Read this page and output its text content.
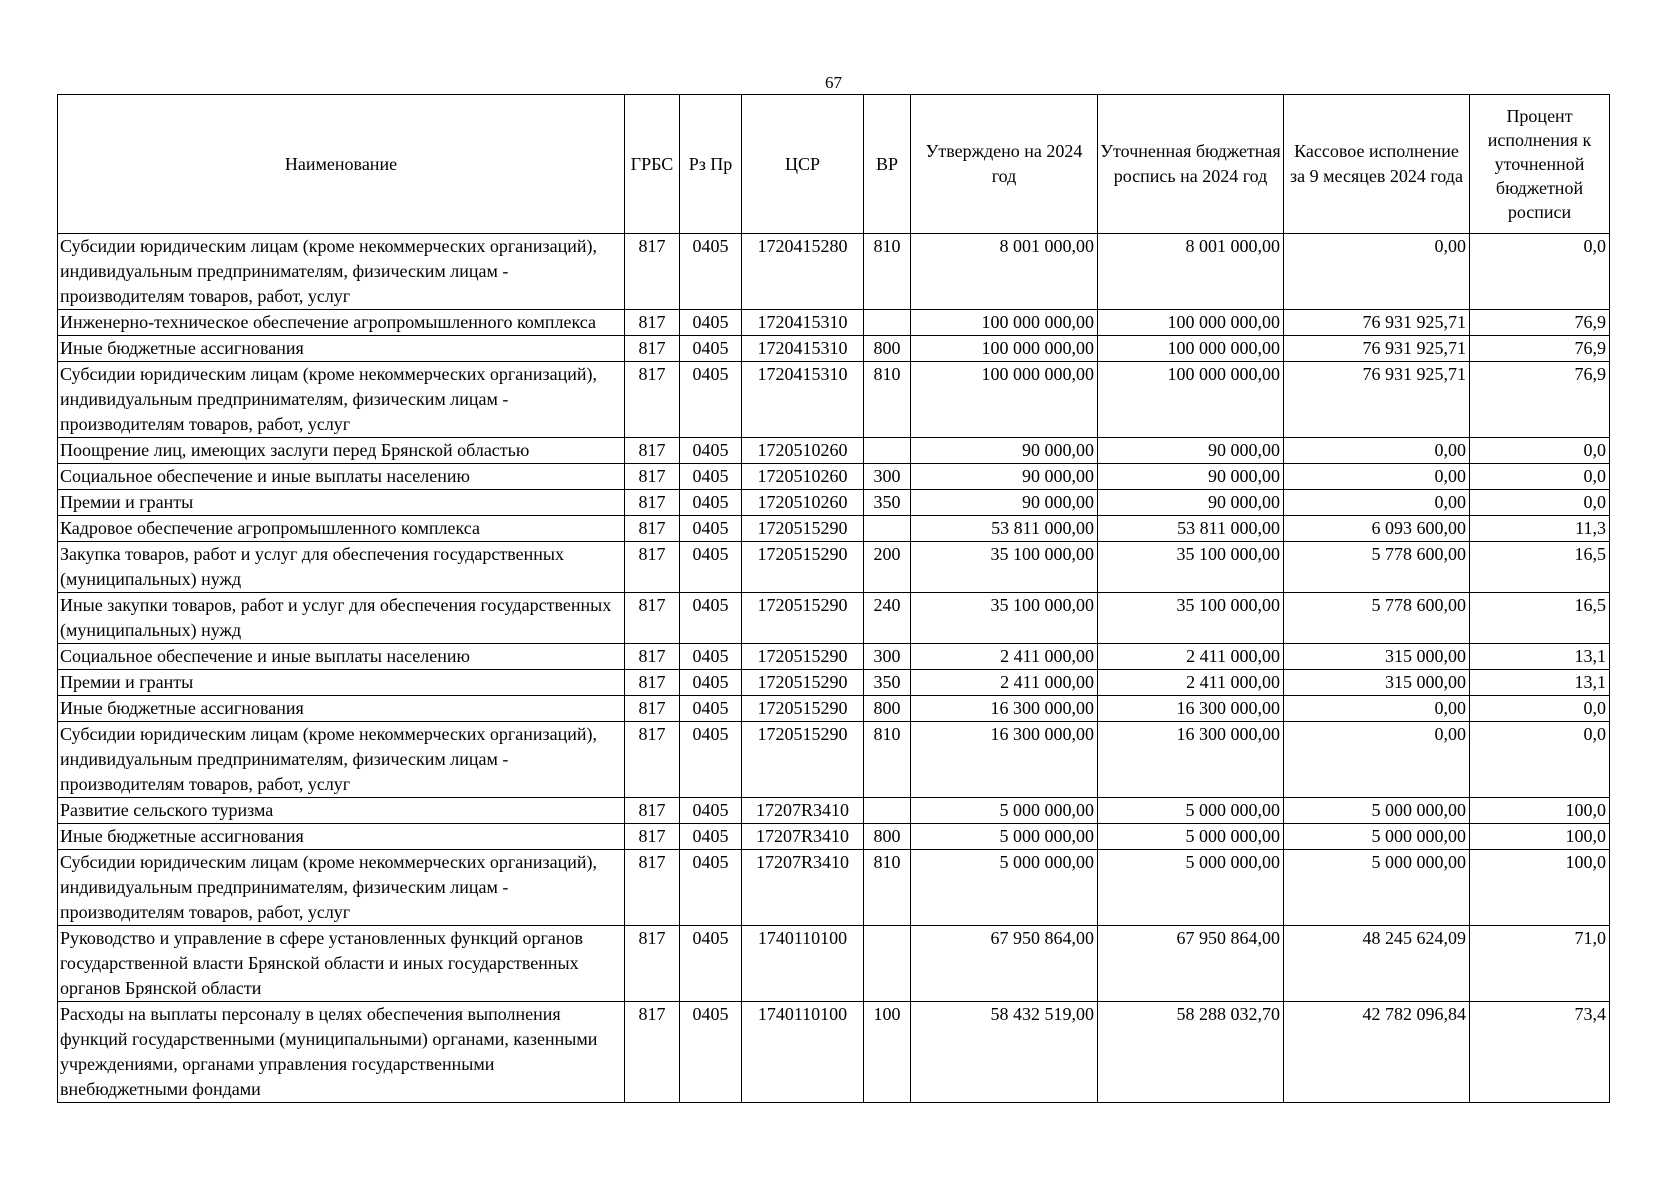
67
Наименование	ГРБС	Рз Пр	ЦСР	ВР	Утверждено на 2024 год	Уточненная бюджетная роспись на 2024 год	Кассовое исполнение за 9 месяцев 2024 года	Процент исполнения к уточненной бюджетной росписи
Субсидии юридическим лицам (кроме некоммерческих организаций), индивидуальным предпринимателям, физическим лицам - производителям товаров, работ, услуг	817	0405	1720415280	810	8 001 000,00	8 001 000,00	0,00	0,0
Инженерно-техническое обеспечение агропромышленного комплекса	817	0405	1720415310		100 000 000,00	100 000 000,00	76 931 925,71	76,9
Иные бюджетные ассигнования	817	0405	1720415310	800	100 000 000,00	100 000 000,00	76 931 925,71	76,9
Субсидии юридическим лицам (кроме некоммерческих организаций), индивидуальным предпринимателям, физическим лицам - производителям товаров, работ, услуг	817	0405	1720415310	810	100 000 000,00	100 000 000,00	76 931 925,71	76,9
Поощрение лиц, имеющих заслуги перед Брянской областью	817	0405	1720510260		90 000,00	90 000,00	0,00	0,0
Социальное обеспечение и иные выплаты населению	817	0405	1720510260	300	90 000,00	90 000,00	0,00	0,0
Премии и гранты	817	0405	1720510260	350	90 000,00	90 000,00	0,00	0,0
Кадровое обеспечение агропромышленного комплекса	817	0405	1720515290		53 811 000,00	53 811 000,00	6 093 600,00	11,3
Закупка товаров, работ и услуг для обеспечения государственных (муниципальных) нужд	817	0405	1720515290	200	35 100 000,00	35 100 000,00	5 778 600,00	16,5
Иные закупки товаров, работ и услуг для обеспечения государственных (муниципальных) нужд	817	0405	1720515290	240	35 100 000,00	35 100 000,00	5 778 600,00	16,5
Социальное обеспечение и иные выплаты населению	817	0405	1720515290	300	2 411 000,00	2 411 000,00	315 000,00	13,1
Премии и гранты	817	0405	1720515290	350	2 411 000,00	2 411 000,00	315 000,00	13,1
Иные бюджетные ассигнования	817	0405	1720515290	800	16 300 000,00	16 300 000,00	0,00	0,0
Субсидии юридическим лицам (кроме некоммерческих организаций), индивидуальным предпринимателям, физическим лицам - производителям товаров, работ, услуг	817	0405	1720515290	810	16 300 000,00	16 300 000,00	0,00	0,0
Развитие сельского туризма	817	0405	17207R3410		5 000 000,00	5 000 000,00	5 000 000,00	100,0
Иные бюджетные ассигнования	817	0405	17207R3410	800	5 000 000,00	5 000 000,00	5 000 000,00	100,0
Субсидии юридическим лицам (кроме некоммерческих организаций), индивидуальным предпринимателям, физическим лицам - производителям товаров, работ, услуг	817	0405	17207R3410	810	5 000 000,00	5 000 000,00	5 000 000,00	100,0
Руководство и управление в сфере установленных функций органов государственной власти Брянской области и иных государственных органов Брянской области	817	0405	1740110100		67 950 864,00	67 950 864,00	48 245 624,09	71,0
Расходы на выплаты персоналу в целях обеспечения выполнения функций государственными (муниципальными) органами, казенными учреждениями, органами управления государственными внебюджетными фондами	817	0405	1740110100	100	58 432 519,00	58 288 032,70	42 782 096,84	73,4
